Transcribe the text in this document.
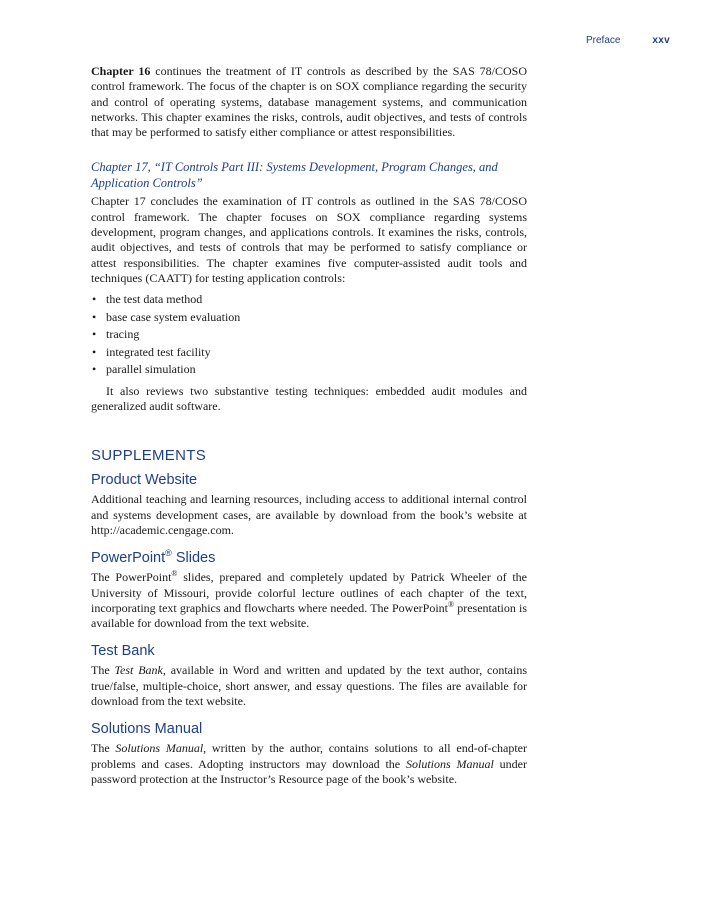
Preface	xxv

Chapter 16 continues the treatment of IT controls as described by the SAS 78/COSO control framework. The focus of the chapter is on SOX compliance regarding the security and control of operating systems, database management systems, and communication networks. This chapter examines the risks, controls, audit objectives, and tests of controls that may be performed to satisfy either compliance or attest responsibilities.

Chapter 17, “IT Controls Part III: Systems Development, Program Changes, and Application Controls”

Chapter 17 concludes the examination of IT controls as outlined in the SAS 78/COSO control framework. The chapter focuses on SOX compliance regarding systems development, program changes, and applications controls. It examines the risks, controls, audit objectives, and tests of controls that may be performed to satisfy compliance or attest responsibilities. The chapter examines five computer-assisted audit tools and techniques (CAATT) for testing application controls:

• the test data method
• base case system evaluation
• tracing
• integrated test facility
• parallel simulation

It also reviews two substantive testing techniques: embedded audit modules and generalized audit software.

SUPPLEMENTS
Product Website

Additional teaching and learning resources, including access to additional internal control and systems development cases, are available by download from the book’s website at http://academic.cengage.com.

PowerPoint® Slides

The PowerPoint® slides, prepared and completely updated by Patrick Wheeler of the University of Missouri, provide colorful lecture outlines of each chapter of the text, incorporating text graphics and flowcharts where needed. The PowerPoint® presentation is available for download from the text website.

Test Bank

The Test Bank, available in Word and written and updated by the text author, contains true/false, multiple-choice, short answer, and essay questions. The files are available for download from the text website.

Solutions Manual

The Solutions Manual, written by the author, contains solutions to all end-of-chapter problems and cases. Adopting instructors may download the Solutions Manual under password protection at the Instructor’s Resource page of the book’s website.
